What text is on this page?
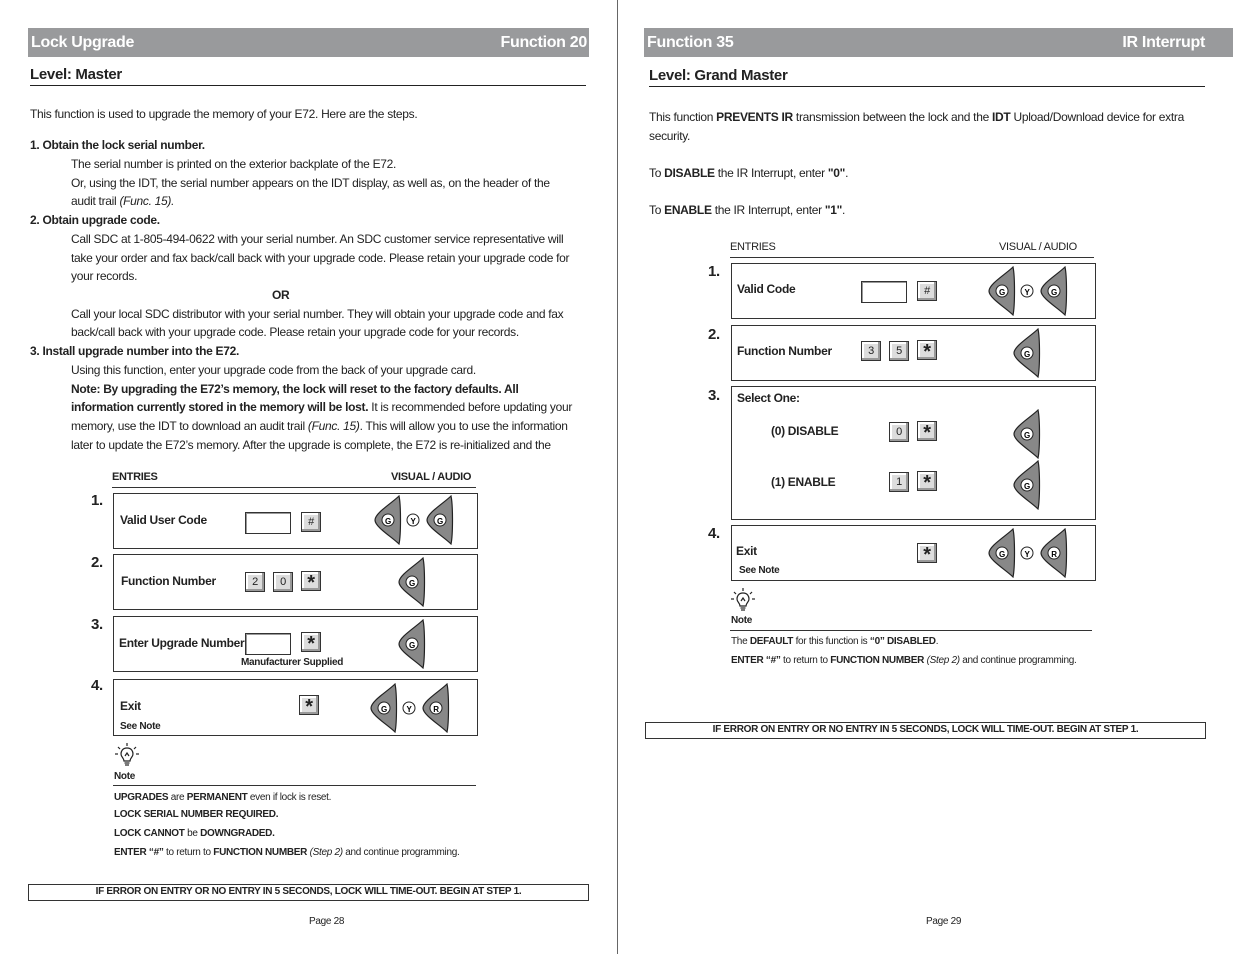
Lock Upgrade	Function 20
Level: Master
This function is used to upgrade the memory of your E72. Here are the steps.
1. Obtain the lock serial number.
The serial number is printed on the exterior backplate of the E72.
Or, using the IDT, the serial number appears on the IDT display, as well as, on the header of the
audit trail (Func. 15).
2. Obtain upgrade code.
Call SDC at 1-805-494-0622 with your serial number. An SDC customer service representative will
take your order and fax back/call back with your upgrade code. Please retain your upgrade code for
your records.
OR
Call your local SDC distributor with your serial number. They will obtain your upgrade code and fax
back/call back with your upgrade code. Please retain your upgrade code for your records.
3. Install upgrade number into the E72.
Using this function, enter your upgrade code from the back of your upgrade card.
Note: By upgrading the E72’s memory, the lock will reset to the factory defaults. All
information currently stored in the memory will be lost. It is recommended before updating your
memory, use the IDT to download an audit trail (Func. 15). This will allow you to use the information
later to update the E72’s memory. After the upgrade is complete, the E72 is re-initialized and the
ENTRIES	VISUAL / AUDIO
1.
Valid User Code	#	G Y	G
2.
Function Number	2	0	*	G
3.
Enter Upgrade Number	*
Manufacturer Supplied
G
4.
Exit
See Note
*	G Y	R
Note
UPGRADES are PERMANENT even if lock is reset.
LOCK SERIAL NUMBER REQUIRED.
LOCK CANNOT be DOWNGRADED.
ENTER “#” to return to FUNCTION NUMBER (Step 2) and continue programming.
IF ERROR ON ENTRY OR NO ENTRY IN 5 SECONDS, LOCK WILL TIME-OUT. BEGIN AT STEP 1.
Page 28
Function 35	IR Interrupt
Level: Grand Master
This function PREVENTS IR transmission between the lock and the IDT Upload/Download device for extra
security.
To DISABLE the IR Interrupt, enter "0".
To ENABLE the IR Interrupt, enter "1".
ENTRIES	VISUAL / AUDIO
1.
Valid Code	#	G Y	G
2.
Function Number	3	5	*	G
3. Select One:
(0) DISABLE	0	*	G
(1) ENABLE	1	*	G
4.
Exit
See Note
*	G Y	R
Note
The DEFAULT for this function is “0” DISABLED.
ENTER “#” to return to FUNCTION NUMBER (Step 2) and continue programming.
IF ERROR ON ENTRY OR NO ENTRY IN 5 SECONDS, LOCK WILL TIME-OUT. BEGIN AT STEP 1.
Page 29
